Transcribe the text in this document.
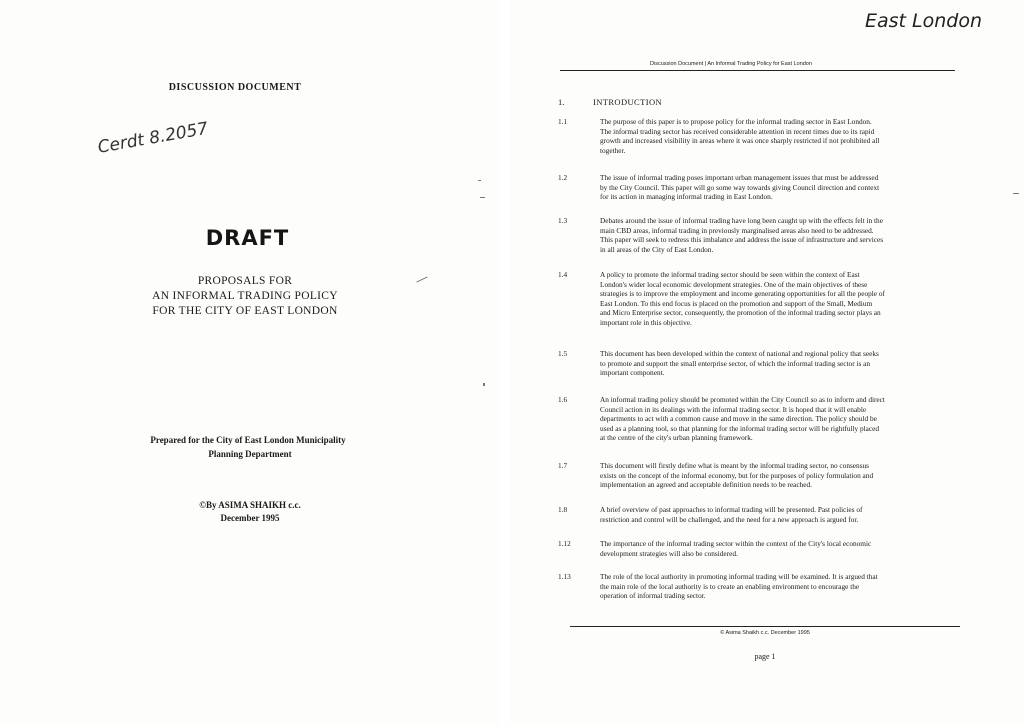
DISCUSSION DOCUMENT
Cerdt 8.2057
DRAFT
PROPOSALS FOR
AN INFORMAL TRADING POLICY
FOR THE CITY OF EAST LONDON
Prepared for the City of East London Municipality
Planning Department
©By ASIMA SHAIKH c.c.
December 1995
East London
Discussion Document | An Informal Trading Policy for East London
1.	INTRODUCTION
1.1	The purpose of this paper is to propose policy for the informal trading sector in East London.
The informal trading sector has received considerable attention in recent times due to its rapid
growth and increased visibility in areas where it was once sharply restricted if not prohibited all
together.
1.2	The issue of informal trading poses important urban management issues that must be addressed
by the City Council. This paper will go some way towards giving Council direction and context
for its action in managing informal trading in East London.
1.3	Debates around the issue of informal trading have long been caught up with the effects felt in the
main CBD areas, informal trading in previously marginalised areas also need to be addressed.
This paper will seek to redress this imbalance and address the issue of infrastructure and services
in all areas of the City of East London.
1.4	A policy to promote the informal trading sector should be seen within the context of East
London's wider local economic development strategies. One of the main objectives of these
strategies is to improve the employment and income generating opportunities for all the people of
East London. To this end focus is placed on the promotion and support of the Small, Medium
and Micro Enterprise sector, consequently, the promotion of the informal trading sector plays an
important role in this objective.
1.5	This document has been developed within the context of national and regional policy that seeks
to promote and support the small enterprise sector, of which the informal trading sector is an
important component.
1.6	An informal trading policy should be promoted within the City Council so as to inform and direct
Council action in its dealings with the informal trading sector. It is hoped that it will enable
departments to act with a common cause and move in the same direction. The policy should be
used as a planning tool, so that planning for the informal trading sector will be rightfully placed
at the centre of the city's urban planning framework.
1.7	This document will firstly define what is meant by the informal trading sector, no consensus
exists on the concept of the informal economy, but for the purposes of policy formulation and
implementation an agreed and acceptable definition needs to be reached.
1.8	A brief overview of past approaches to informal trading will be presented. Past policies of
restriction and control will be challenged, and the need for a new approach is argued for.
1.12	The importance of the informal trading sector within the context of the City's local economic
development strategies will also be considered.
1.13	The role of the local authority in promoting informal trading will be examined. It is argued that
the main role of the local authority is to create an enabling environment to encourage the
operation of informal trading sector.
© Asima Shaikh c.c. December 1995
page 1
